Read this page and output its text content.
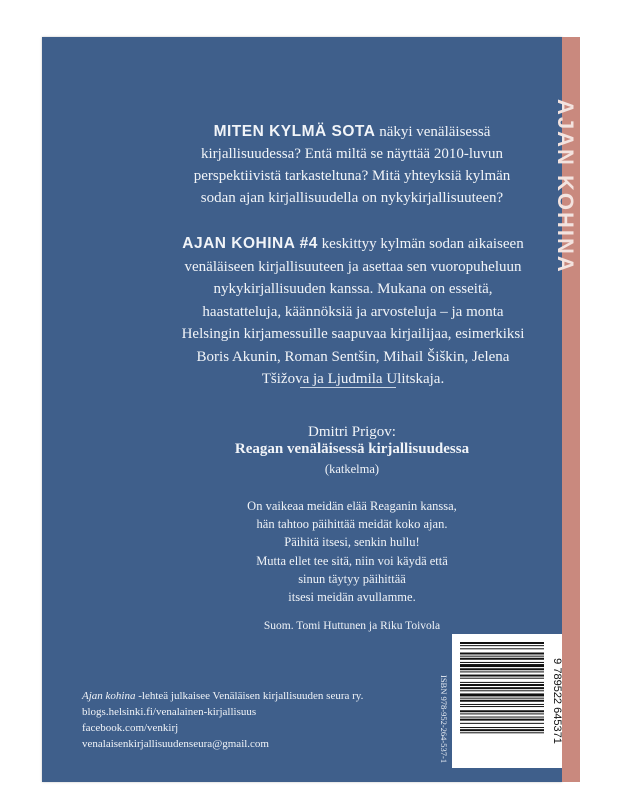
MITEN KYLMÄ SOTA näkyi venäläisessä kirjallisuudessa? Entä miltä se näyttää 2010-luvun perspektiivistä tarkasteltuna? Mitä yhteyksiä kylmän sodan ajan kirjallisuudella on nykykirjallisuuteen?
AJAN KOHINA #4 keskittyy kylmän sodan aikaiseen venäläiseen kirjallisuuteen ja asettaa sen vuoropuheluun nykykirjallisuuden kanssa. Mukana on esseitä, haastatteluja, käännöksiä ja arvosteluja – ja monta Helsingin kirjamessuille saapuvaa kirjailijaa, esimerkiksi Boris Akunin, Roman Sentšin, Mihail Šiškin, Jelena Tšižova ja Ljudmila Ulitskaja.
Dmitri Prigov:
Reagan venäläisessä kirjallisuudessa
(katkelma)
On vaikeaa meidän elää Reaganin kanssa,
hän tahtoo päihittää meidät koko ajan.
Päihitä itsesi, senkin hullu!
Mutta ellet tee sitä, niin voi käydä että
sinun täytyy päihittää
itsesi meidän avullamme.
Suom. Tomi Huttunen ja Riku Toivola
ISBN 978-952-264-537-1
Ajan kohina -lehteä julkaisee Venäläisen kirjallisuuden seura ry.
blogs.helsinki.fi/venalainen-kirjallisuus
facebook.com/venkirj
venalaisenkirjallisuudenseura@gmail.com
AJAN KOHINA
9 789522 645371
